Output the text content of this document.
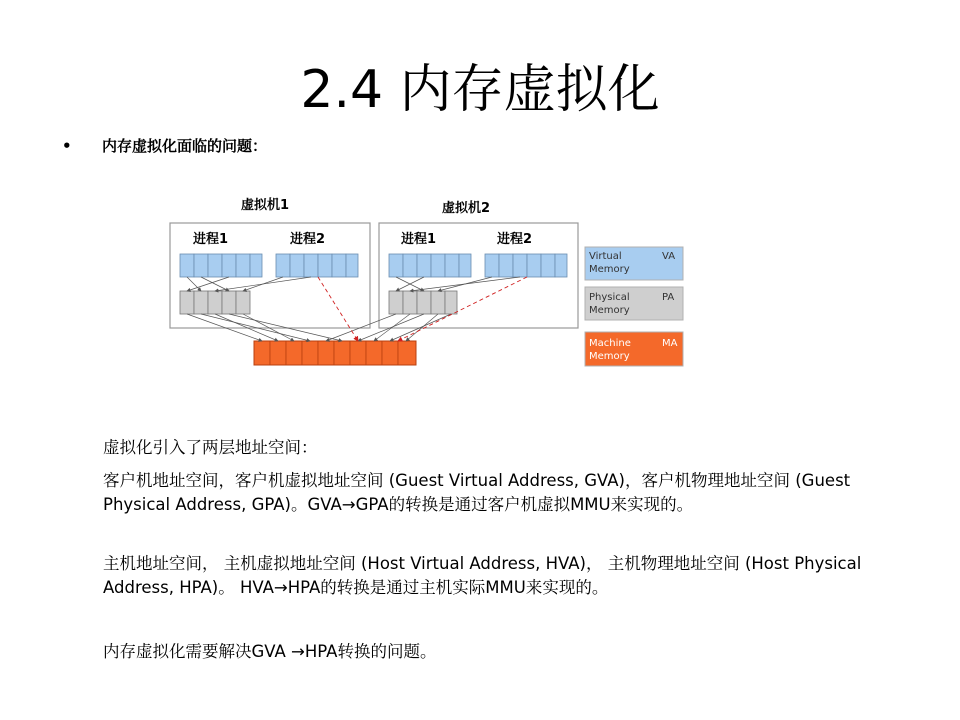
2.4 内存虚拟化
• 内存虚拟化面临的问题：
虚拟机1	虚拟机2
进程1	进程2	进程1	进程2
Virtual
Memory
VA
Physical
Memory
PA
Machine
Memory
MA
虚拟化引入了两层地址空间：
客户机地址空间，客户机虚拟地址空间 (Guest Virtual Address, GVA)，客户机物理地址空间 (Guest Physical Address, GPA)。GVA→GPA的转换是通过客户机虚拟MMU来实现的。
主机地址空间， 主机虚拟地址空间 (Host Virtual Address, HVA)， 主机物理地址空间 (Host Physical Address, HPA)。 HVA→HPA的转换是通过主机实际MMU来实现的。
内存虚拟化需要解决GVA →HPA转换的问题。
